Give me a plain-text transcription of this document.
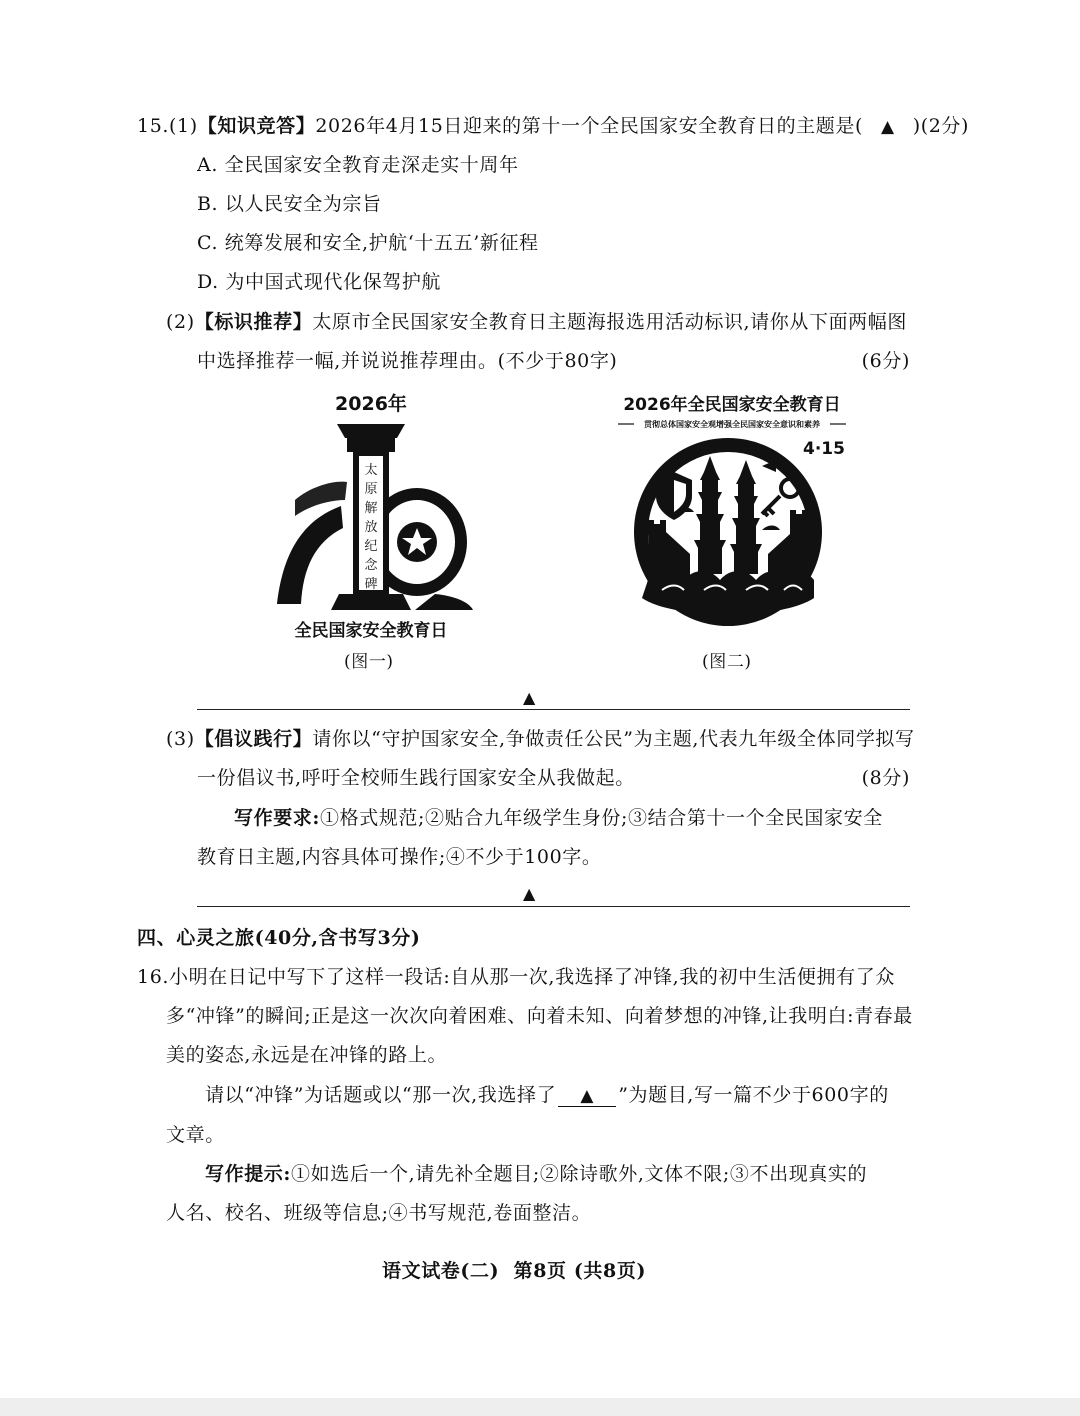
15.(1)【知识竞答】2026年4月15日迎来的第十一个全民国家安全教育日的主题是( ▲ )(2分)
A. 全民国家安全教育走深走实十周年
B. 以人民安全为宗旨
C. 统筹发展和安全,护航‘十五五’新征程
D. 为中国式现代化保驾护航
(2)【标识推荐】太原市全民国家安全教育日主题海报选用活动标识,请你从下面两幅图
中选择推荐一幅,并说说推荐理由。(不少于80字)	(6分)
2026年
太
原
解
放
纪
念
碑
全民国家安全教育日
(图一)
2026年全民国家安全教育日
贯彻总体国家安全观增强全民国家安全意识和素养
4·15
(图二)
▲
(3)【倡议践行】请你以“守护国家安全,争做责任公民”为主题,代表九年级全体同学拟写
一份倡议书,呼吁全校师生践行国家安全从我做起。	(8分)
写作要求:①格式规范;②贴合九年级学生身份;③结合第十一个全民国家安全
教育日主题,内容具体可操作;④不少于100字。
▲
四、心灵之旅(40分,含书写3分)
16.小明在日记中写下了这样一段话:自从那一次,我选择了冲锋,我的初中生活便拥有了众
多“冲锋”的瞬间;正是这一次次向着困难、向着未知、向着梦想的冲锋,让我明白:青春最
美的姿态,永远是在冲锋的路上。
请以“冲锋”为话题或以“那一次,我选择了 ▲ ”为题目,写一篇不少于600字的
文章。
写作提示:①如选后一个,请先补全题目;②除诗歌外,文体不限;③不出现真实的
人名、校名、班级等信息;④书写规范,卷面整洁。
语文试卷(二)  第8页 (共8页)
